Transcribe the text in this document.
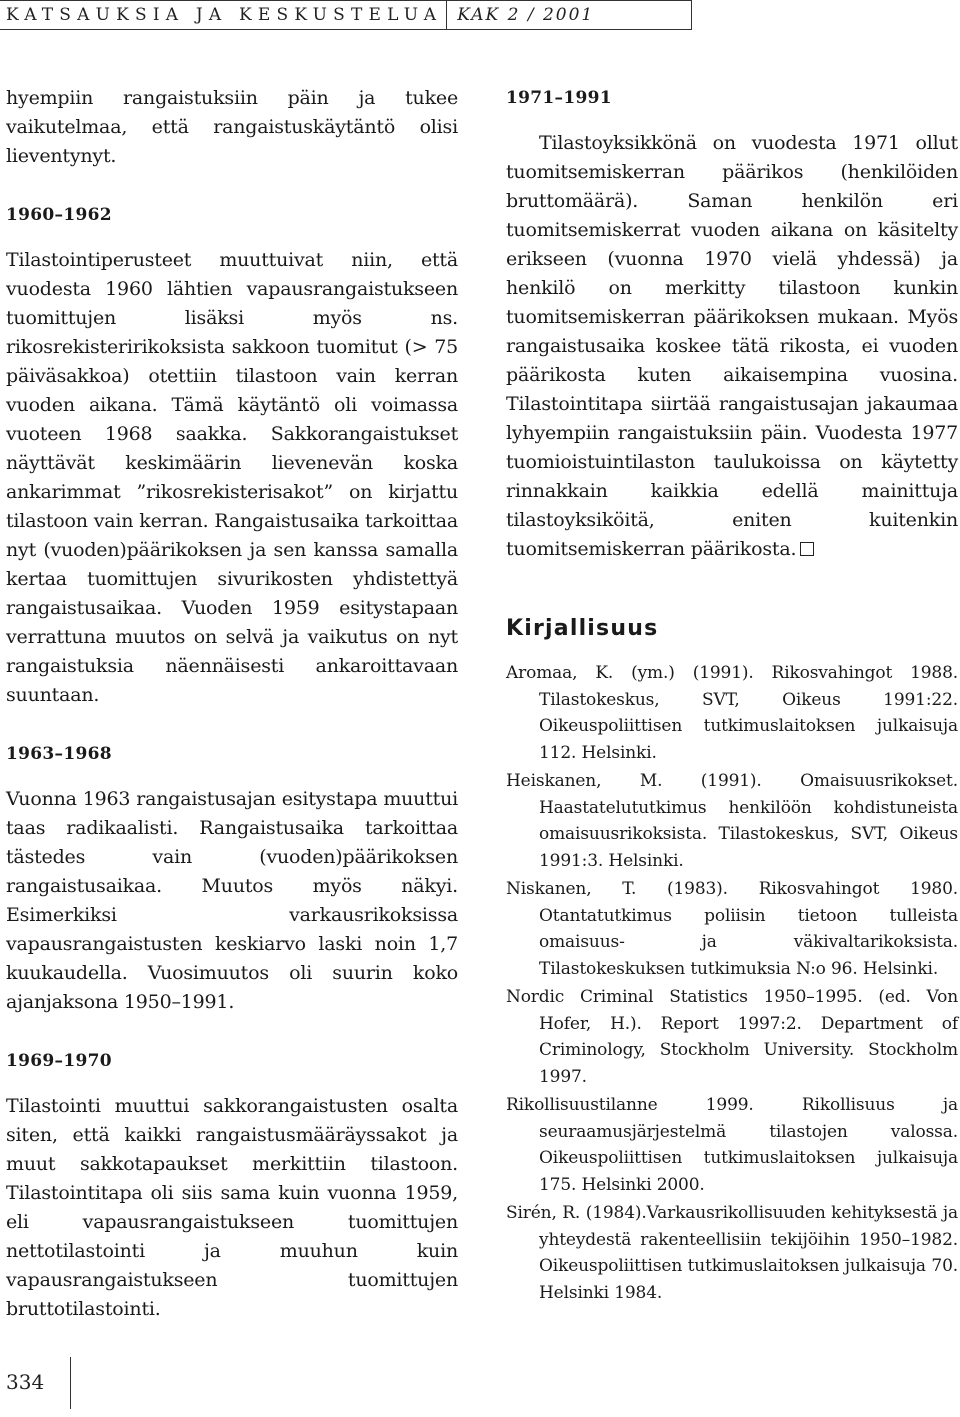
KATSAUKSIA JA KESKUSTELUA KAK 2 / 2001

hyempiin rangaistuksiin päin ja tukee vaikutelmaa, että rangaistuskäytäntö olisi lieventynyt.

1960–1962

Tilastointiperusteet muuttuivat niin, että vuodesta 1960 lähtien vapausrangaistukseen tuomittujen lisäksi myös ns. rikosrekisteririkoksista sakkoon tuomitut (> 75 päiväsakkoa) otettiin tilastoon vain kerran vuoden aikana. Tämä käytäntö oli voimassa vuoteen 1968 saakka. Sakkorangaistukset näyttävät keskimäärin lievenevän koska ankarimmat ”rikosrekisterisakot” on kirjattu tilastoon vain kerran. Rangaistusaika tarkoittaa nyt (vuoden)päärikoksen ja sen kanssa samalla kertaa tuomittujen sivurikosten yhdistettyä rangaistusaikaa. Vuoden 1959 esitystapaan verrattuna muutos on selvä ja vaikutus on nyt rangaistuksia näennäisesti ankaroittavaan suuntaan.

1963–1968

Vuonna 1963 rangaistusajan esitystapa muuttui taas radikaalisti. Rangaistusaika tarkoittaa tästedes vain (vuoden)päärikoksen rangaistusaikaa. Muutos myös näkyi. Esimerkiksi varkausrikoksissa vapausrangaistusten keskiarvo laski noin 1,7 kuukaudella. Vuosimuutos oli suurin koko ajanjaksona 1950–1991.

1969–1970

Tilastointi muuttui sakkorangaistusten osalta siten, että kaikki rangaistusmääräyssakot ja muut sakkotapaukset merkittiin tilastoon. Tilastointitapa oli siis sama kuin vuonna 1959, eli vapausrangaistukseen tuomittujen nettotilastointi ja muuhun kuin vapausrangaistukseen tuomittujen bruttotilastointi.

1971–1991

Tilastoyksikkönä on vuodesta 1971 ollut tuomitsemiskerran päärikos (henkilöiden bruttomäärä). Saman henkilön eri tuomitsemiskerrat vuoden aikana on käsitelty erikseen (vuonna 1970 vielä yhdessä) ja henkilö on merkitty tilastoon kunkin tuomitsemiskerran päärikoksen mukaan. Myös rangaistusaika koskee tätä rikosta, ei vuoden päärikosta kuten aikaisempina vuosina. Tilastointitapa siirtää rangaistusajan jakaumaa lyhyempiin rangaistuksiin päin. Vuodesta 1977 tuomioistuintilaston taulukoissa on käytetty rinnakkain kaikkia edellä mainittuja tilastoyksiköitä, eniten kuitenkin tuomitsemiskerran päärikosta.

Kirjallisuus
Aromaa, K. (ym.) (1991). Rikosvahingot 1988. Tilastokeskus, SVT, Oikeus 1991:22. Oikeuspoliittisen tutkimuslaitoksen julkaisuja 112. Helsinki.
Heiskanen, M. (1991). Omaisuusrikokset. Haastatelututkimus henkilöön kohdistuneista omaisuusrikoksista. Tilastokeskus, SVT, Oikeus 1991:3. Helsinki.
Niskanen, T. (1983). Rikosvahingot 1980. Otantatutkimus poliisin tietoon tulleista omaisuus- ja väkivaltarikoksista. Tilastokeskuksen tutkimuksia N:o 96. Helsinki.
Nordic Criminal Statistics 1950–1995. (ed. Von Hofer, H.). Report 1997:2. Department of Criminology, Stockholm University. Stockholm 1997.
Rikollisuustilanne 1999. Rikollisuus ja seuraamusjärjestelmä tilastojen valossa. Oikeuspoliittisen tutkimuslaitoksen julkaisuja 175. Helsinki 2000.
Sirén, R. (1984).Varkausrikollisuuden kehityksestä ja yhteydestä rakenteellisiin tekijöihin 1950–1982. Oikeuspoliittisen tutkimuslaitoksen julkaisuja 70. Helsinki 1984.
334
